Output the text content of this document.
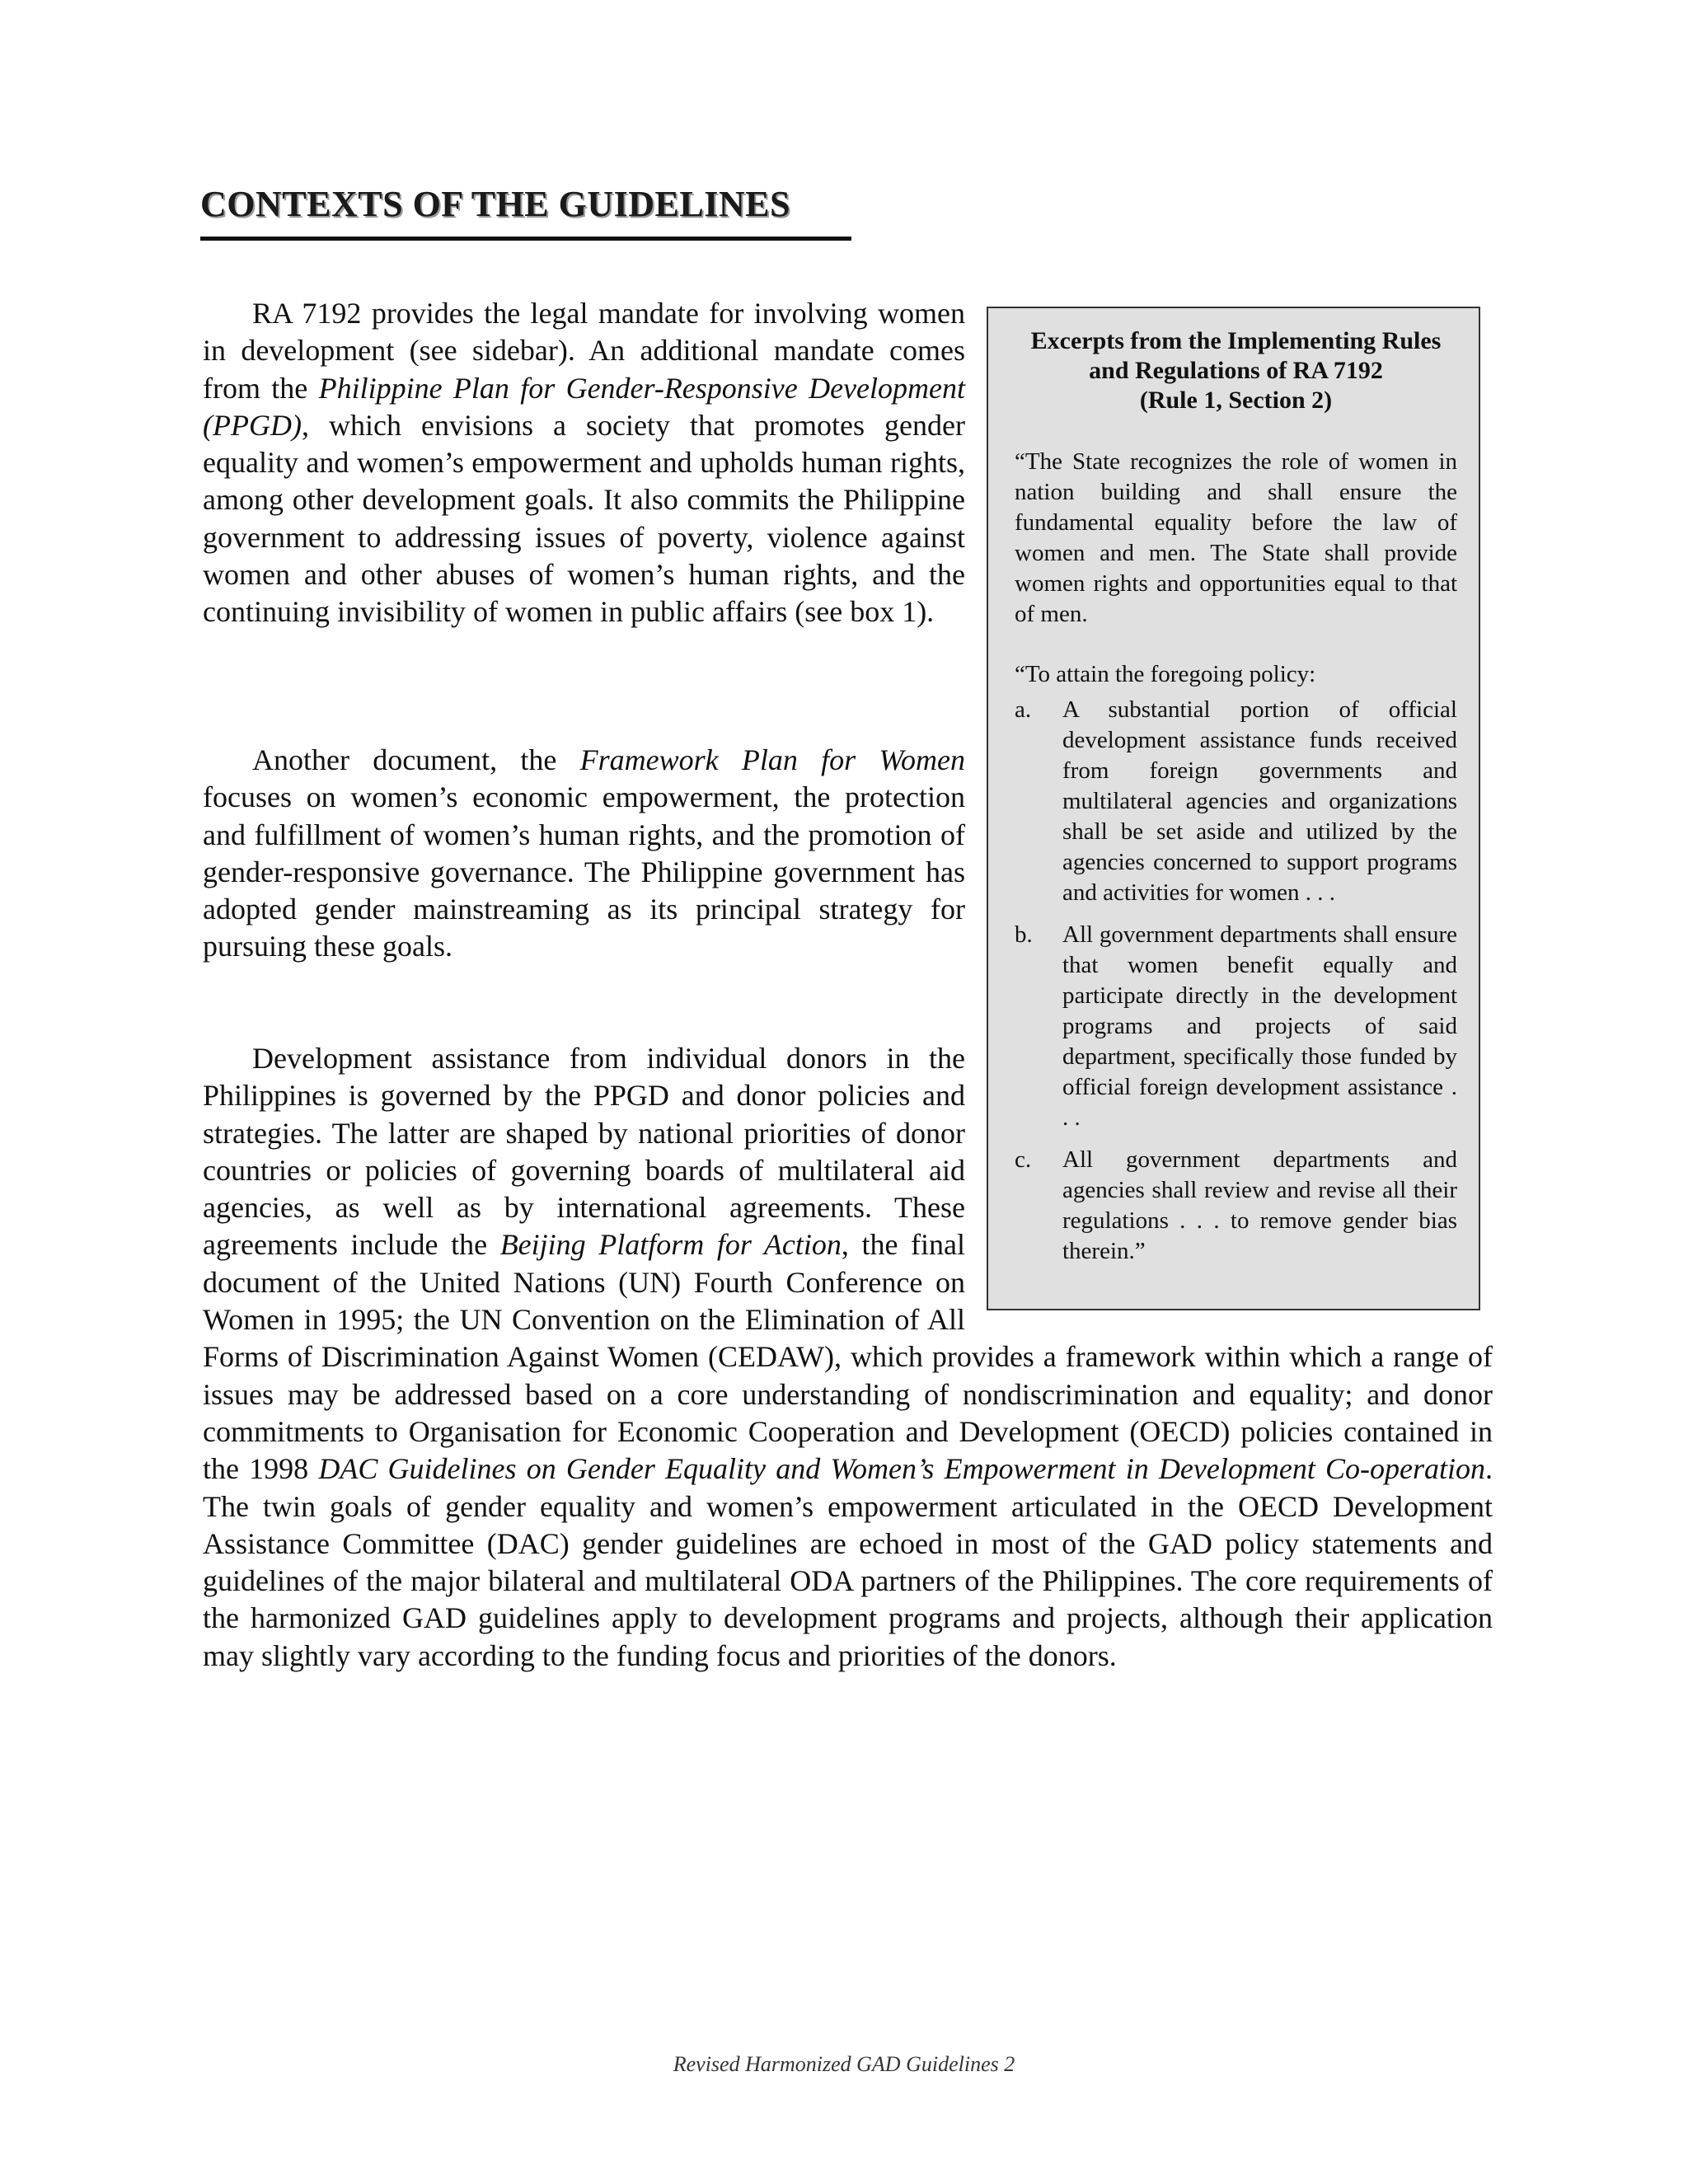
CONTEXTS OF THE GUIDELINES

RA 7192 provides the legal mandate for involving women in development (see sidebar). An additional mandate comes from the Philippine Plan for Gender-Responsive Development (PPGD), which envisions a society that promotes gender equality and women’s empowerment and upholds human rights, among other development goals. It also commits the Philippine government to addressing issues of poverty, violence against women and other abuses of women’s human rights, and the continuing invisibility of women in public affairs (see box 1).

Another document, the Framework Plan for Women focuses on women’s economic empowerment, the protection and fulfillment of women’s human rights, and the promotion of gender-responsive governance. The Philippine government has adopted gender mainstreaming as its principal strategy for pursuing these goals.

Development assistance from individual donors in the Philippines is governed by the PPGD and donor policies and strategies. The latter are shaped by national priorities of donor countries or policies of governing boards of multilateral aid agencies, as well as by international agreements. These agreements include the Beijing Platform for Action, the final document of the United Nations (UN) Fourth Conference on Women in 1995; the UN Convention on the Elimination of All Forms of Discrimination Against Women (CEDAW), which provides a framework within which a range of issues may be addressed based on a core understanding of nondiscrimination and equality; and donor commitments to Organisation for Economic Cooperation and Development (OECD) policies contained in the 1998 DAC Guidelines on Gender Equality and Women’s Empowerment in Development Co-operation. The twin goals of gender equality and women’s empowerment articulated in the OECD Development Assistance Committee (DAC) gender guidelines are echoed in most of the GAD policy statements and guidelines of the major bilateral and multilateral ODA partners of the Philippines. The core requirements of the harmonized GAD guidelines apply to development programs and projects, although their application may slightly vary according to the funding focus and priorities of the donors.

Excerpts from the Implementing Rules
and Regulations of RA 7192
(Rule 1, Section 2)

“The State recognizes the role of women in nation building and shall ensure the fundamental equality before the law of women and men. The State shall provide women rights and opportunities equal to that of men.

“To attain the foregoing policy:

a.	A substantial portion of official development assistance funds received from foreign governments and multilateral agencies and organizations shall be set aside and utilized by the agencies concerned to support programs and activities for women . . .
b.	All government departments shall ensure that women benefit equally and participate directly in the development programs and projects of said department, specifically those funded by official foreign development assistance . . .
c.	All government departments and agencies shall review and revise all their regulations . . . to remove gender bias therein.”
Revised Harmonized GAD Guidelines 2
